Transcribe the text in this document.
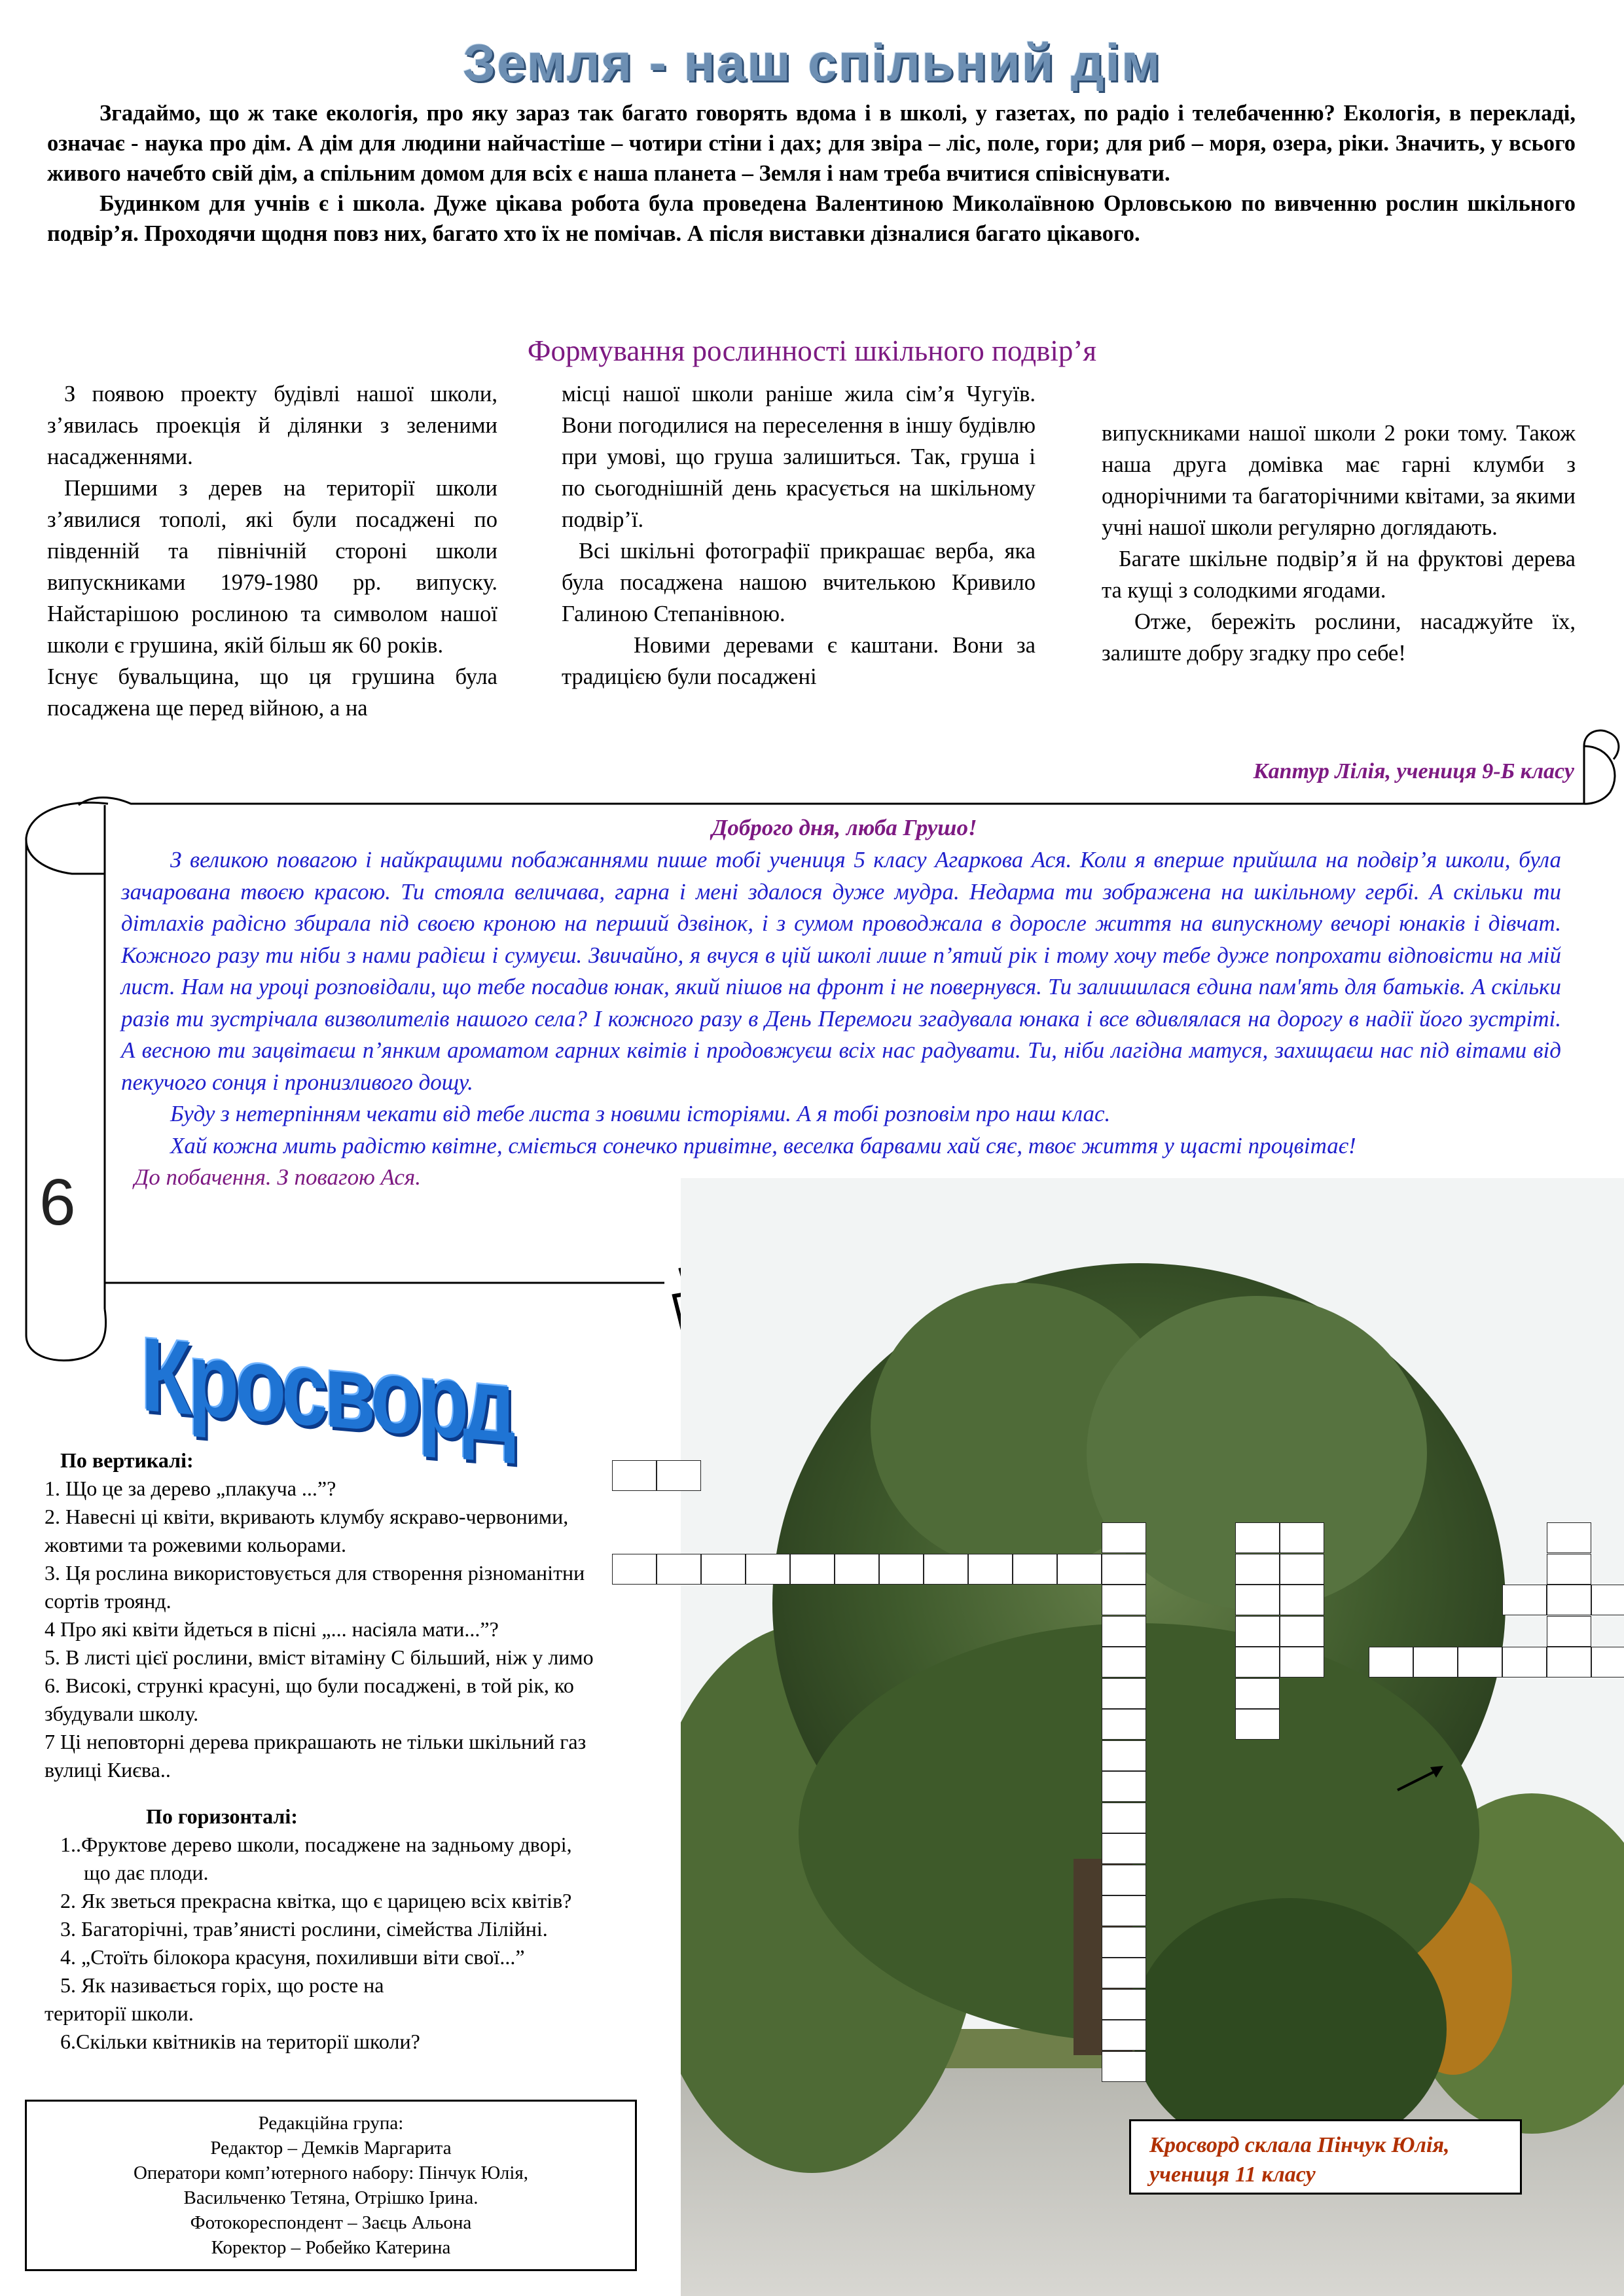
Земля - наш спільний дім

Згадаймо, що ж таке екологія, про яку зараз так багато говорять вдома і в школі, у газетах, по радіо і телебаченню? Екологія, в перекладі, означає - наука про дім. А дім для людини найчастіше – чотири стіни і дах; для звіра – ліс, поле, гори; для риб – моря, озера, ріки. Значить, у всього живого начебто свій дім, а спільним домом для всіх є наша планета – Земля і нам треба вчитися співіснувати.

Будинком для учнів є і школа. Дуже цікава робота була проведена Валентиною Миколаївною Орловською по вивченню рослин шкільного подвір’я. Проходячи щодня повз них, багато хто їх не помічав. А після виставки дізналися багато цікавого.

Формування рослинності шкільного подвір’я

З появою проекту будівлі нашої школи, з’явилась проекція й ділянки з зеленими насадженнями.

Першими з дерев на території школи з’явилися тополі, які були посаджені по південній та північній стороні школи випускниками 1979-1980 рр. випуску. Найстарішою рослиною та символом нашої школи є грушина, якій більш як 60 років.

Існує бувальщина, що ця грушина була посаджена ще перед війною, а на

місці нашої школи раніше жила сім’я Чугуїв. Вони погодилися на переселення в іншу будівлю при умові, що груша залишиться. Так, груша і по сьогоднішній день красується на шкільному подвір’ї.

Всі шкільні фотографії прикрашає верба, яка була посаджена нашою вчителькою Кривило Галиною Степанівною.

Новими деревами є каштани. Вони за традицією були посаджені

випускниками нашої школи 2 роки тому. Також наша друга домівка має гарні клумби з однорічними та багаторічними квітами, за якими учні нашої школи регулярно доглядають.

Багате шкільне подвір’я й на фруктові дерева та кущі з солодкими ягодами.

Отже, бережіть рослини, насаджуйте їх, залиште добру згадку про себе!

Каптур Лілія, учениця 9-Б класу
Доброго дня, люба Грушо!

З великою повагою і найкращими побажаннями пише тобі учениця 5 класу Агаркова Ася. Коли я вперше прийшла на подвір’я школи, була зачарована твоєю красою. Ти стояла величава, гарна і мені здалося дуже мудра. Недарма ти зображена на шкільному гербі. А скільки ти дітлахів радісно збирала під своєю кроною на перший дзвінок, і з сумом проводжала в доросле життя на випускному вечорі юнаків і дівчат. Кожного разу ти ніби з нами радієш і сумуєш. Звичайно, я вчуся в цій школі лише п’ятий рік і тому хочу тебе дуже попрохати відповісти на мій лист. Нам на уроці розповідали, що тебе посадив юнак, який пішов на фронт і не повернувся. Ти залишилася єдина пам'ять для батьків. А скільки разів ти зустрічала визволителів нашого села? І кожного разу в День Перемоги згадувала юнака і все вдивлялася на дорогу в надії його зустріті. А весною ти зацвітаєш п’янким ароматом гарних квітів і продовжуєш всіх нас радувати. Ти, ніби лагідна матуся, захищаєш нас під вітами від пекучого сонця і пронизливого дощу.

Буду з нетерпінням чекати від тебе листа з новими історіями. А я тобі розповім про наш клас.

Хай кожна мить радістю квітне, сміється сонечко привітне, веселка барвами хай сяє, твоє життя у щасті процвітає!

До побачення. З повагою Ася.

6
Кросворд

По вертикалі:

1. Що це за дерево „плакуча ...”?

2. Навесні ці квіти, вкривають клумбу яскраво-червоними,

жовтими та рожевими кольорами.

3. Ця рослина використовується для створення різноманітни

сортів троянд.

4 Про які квіти йдеться в пісні „... насіяла мати...”?

5. В листі цієї рослини, вміст вітаміну С більший, ніж у лимо

6. Високі, стрункі красуні, що були посаджені, в той рік, ко

збудували школу.

7 Ці неповторні дерева прикрашають не тільки шкільний газ

вулиці Києва..

По горизонталі:

1..Фруктове дерево школи, посаджене на задньому дворі,

що дає плоди.

2. Як зветься прекрасна квітка, що є царицею всіх квітів?

3. Багаторічні, трав’янисті рослини, сімейства Лілійні.

4. „Стоїть білокора красуня, похиливши віти свої...”

5. Як називається горіх, що росте на

території школи.

6.Скільки квітників на території школи?

Редакційна група:
Редактор – Демків Маргарита
Оператори комп’ютерного набору: Пінчук Юлія,
Васильченко Тетяна, Отрішко Ірина.
Фотокореспондент – Заєць Альона
Коректор – Робейко Катерина
Кросворд склала Пінчук Юлія,
учениця 11 класу
